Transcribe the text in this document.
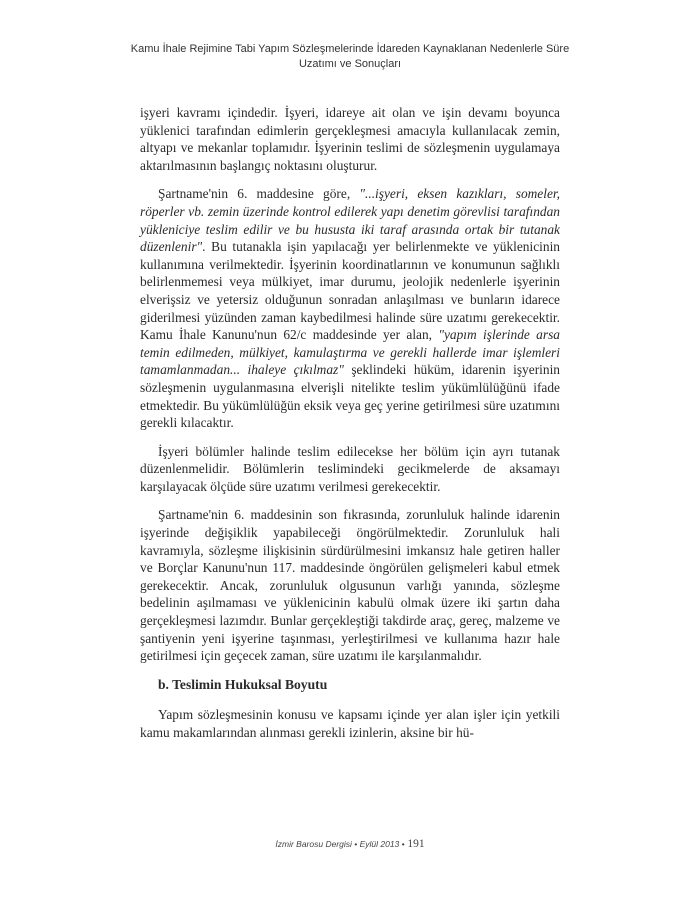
Kamu İhale Rejimine Tabi Yapım Sözleşmelerinde İdareden Kaynaklanan Nedenlerle Süre
Uzatımı ve Sonuçları

işyeri kavramı içindedir. İşyeri, idareye ait olan ve işin devamı boyunca yüklenici tarafından edimlerin gerçekleşmesi amacıyla kullanılacak zemin, altyapı ve mekanlar toplamıdır. İşyerinin teslimi de sözleşmenin uygulamaya aktarılmasının başlangıç noktasını oluşturur.

Şartname'nin 6. maddesine göre, "...işyeri, eksen kazıkları, someler, röperler vb. zemin üzerinde kontrol edilerek yapı denetim görevlisi tarafından yükleniciye teslim edilir ve bu hususta iki taraf arasında ortak bir tutanak düzenlenir". Bu tutanakla işin yapılacağı yer belirlenmekte ve yüklenicinin kullanımına verilmektedir. İşyerinin koordinatlarının ve konumunun sağlıklı belirlenmemesi veya mülkiyet, imar durumu, jeolojik nedenlerle işyerinin elverişsiz ve yetersiz olduğunun sonradan anlaşılması ve bunların idarece giderilmesi yüzünden zaman kaybedilmesi halinde süre uzatımı gerekecektir. Kamu İhale Kanunu'nun 62/c maddesinde yer alan, "yapım işlerinde arsa temin edilmeden, mülkiyet, kamulaştırma ve gerekli hallerde imar işlemleri tamamlanmadan... ihaleye çıkılmaz" şeklindeki hüküm, idarenin işyerinin sözleşmenin uygulanmasına elverişli nitelikte teslim yükümlülüğünü ifade etmektedir. Bu yükümlülüğün eksik veya geç yerine getirilmesi süre uzatımını gerekli kılacaktır.

İşyeri bölümler halinde teslim edilecekse her bölüm için ayrı tutanak düzenlenmelidir. Bölümlerin teslimindeki gecikmelerde de aksamayı karşılayacak ölçüde süre uzatımı verilmesi gerekecektir.

Şartname'nin 6. maddesinin son fıkrasında, zorunluluk halinde idarenin işyerinde değişiklik yapabileceği öngörülmektedir. Zorunluluk hali kavramıyla, sözleşme ilişkisinin sürdürülmesini imkansız hale getiren haller ve Borçlar Kanunu'nun 117. maddesinde öngörülen gelişmeleri kabul etmek gerekecektir. Ancak, zorunluluk olgusunun varlığı yanında, sözleşme bedelinin aşılmaması ve yüklenicinin kabulü olmak üzere iki şartın daha gerçekleşmesi lazımdır. Bunlar gerçekleştiği takdirde araç, gereç, malzeme ve şantiyenin yeni işyerine taşınması, yerleştirilmesi ve kullanıma hazır hale getirilmesi için geçecek zaman, süre uzatımı ile karşılanmalıdır.

b. Teslimin Hukuksal Boyutu

Yapım sözleşmesinin konusu ve kapsamı içinde yer alan işler için yetkili kamu makamlarından alınması gerekli izinlerin, aksine bir hü-

İzmir Barosu Dergisi • Eylül 2013 • 191
